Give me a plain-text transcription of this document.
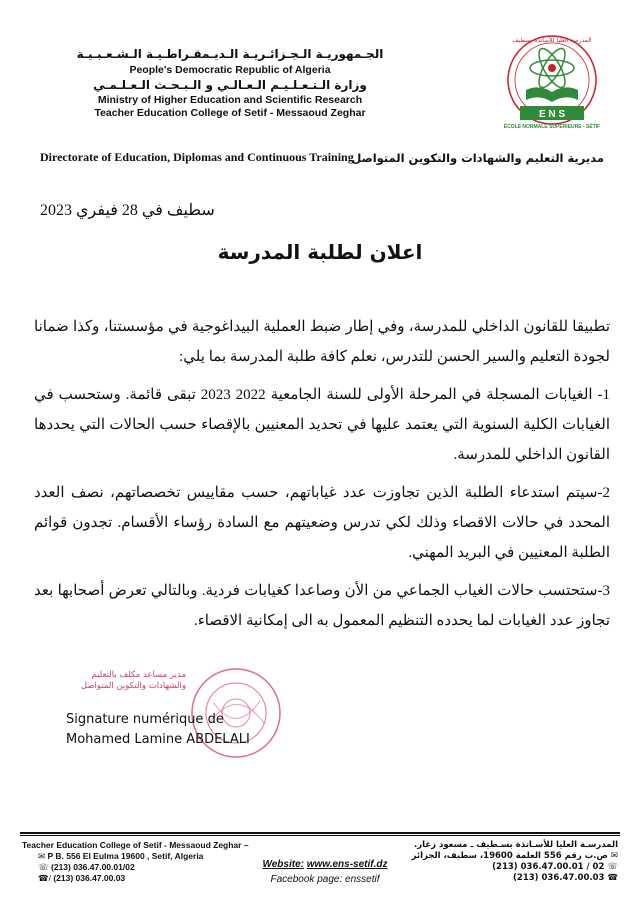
الجـمهوريـة الـجـزائـريـة الـديـمقـراطـيـة الـشـعـبـيـة
People's Democratic Republic of Algeria
وزارة الـتـعـلـيـم الـعـالـي و الـبـحـث الـعـلـمـي
Ministry of Higher Education and Scientific Research
Teacher Education College of Setif - Messaoud Zeghar	E N S
ÉCOLE NORMALE SUPÉRIEURE - SÉTIF
المدرسة العليا للأساتذة بسطيف
Directorate of Education, Diplomas and Continuous Training
مديرية التعليم والشهادات والتكوين المتواصل
سطيف في 28 فيفري 2023
اعلان لطلبة المدرسة

تطبيقا للقانون الداخلي للمدرسة، وفي إطار ضبط العملية البيداغوجية في مؤسستنا، وكذا ضمانا لجودة التعليم والسير الحسن للتدرس، نعلم كافة طلبة المدرسة بما يلي:

1- الغيابات المسجلة في المرحلة الأولى للسنة الجامعية 2022 2023 تبقى قائمة. وستحسب في الغيابات الكلية السنوية التي يعتمد عليها في تحديد المعنيين بالإقصاء حسب الحالات التي يحددها القانون الداخلي للمدرسة.

2-سيتم استدعاء الطلبة الذين تجاوزت عدد غياباتهم، حسب مقاييس تخصصاتهم، نصف العدد المحدد في حالات الاقصاء وذلك لكي تدرس وضعيتهم مع السادة رؤساء الأقسام. تجدون قوائم الطلبة المعنيين في البريد المهني.

3-ستحتسب حالات الغياب الجماعي من الأن وصاعدا كغيابات فردية. وبالتالي تعرض أصحابها بعد تجاوز عدد الغيابات لما يحدده التنظيم المعمول به الى إمكانية الاقصاء.

مدير مساعد مكلف بالتعليم والشهادات والتكوين المتواصل
Signature numérique de
Mohamed Lamine ABDELALI
Teacher Education College of Setif - Messaoud Zeghar –
✉ P B. 556 El Eulma 19600 , Setif, Algeria
☏ (213) 036.47.00.01/02
☎/ (213) 036.47.00.03
Website: www.ens-setif.dz
Facebook page: enssetif
المدرسـة العليا للأسـاتذة بسـطيف ـ مسعود زغار.
✉ ص.ب رقم 556 العلمة 19600، سطيف، الجزائر
☏ (213) 036.47.00.01 / 02
☎ (213) 036.47.00.03
